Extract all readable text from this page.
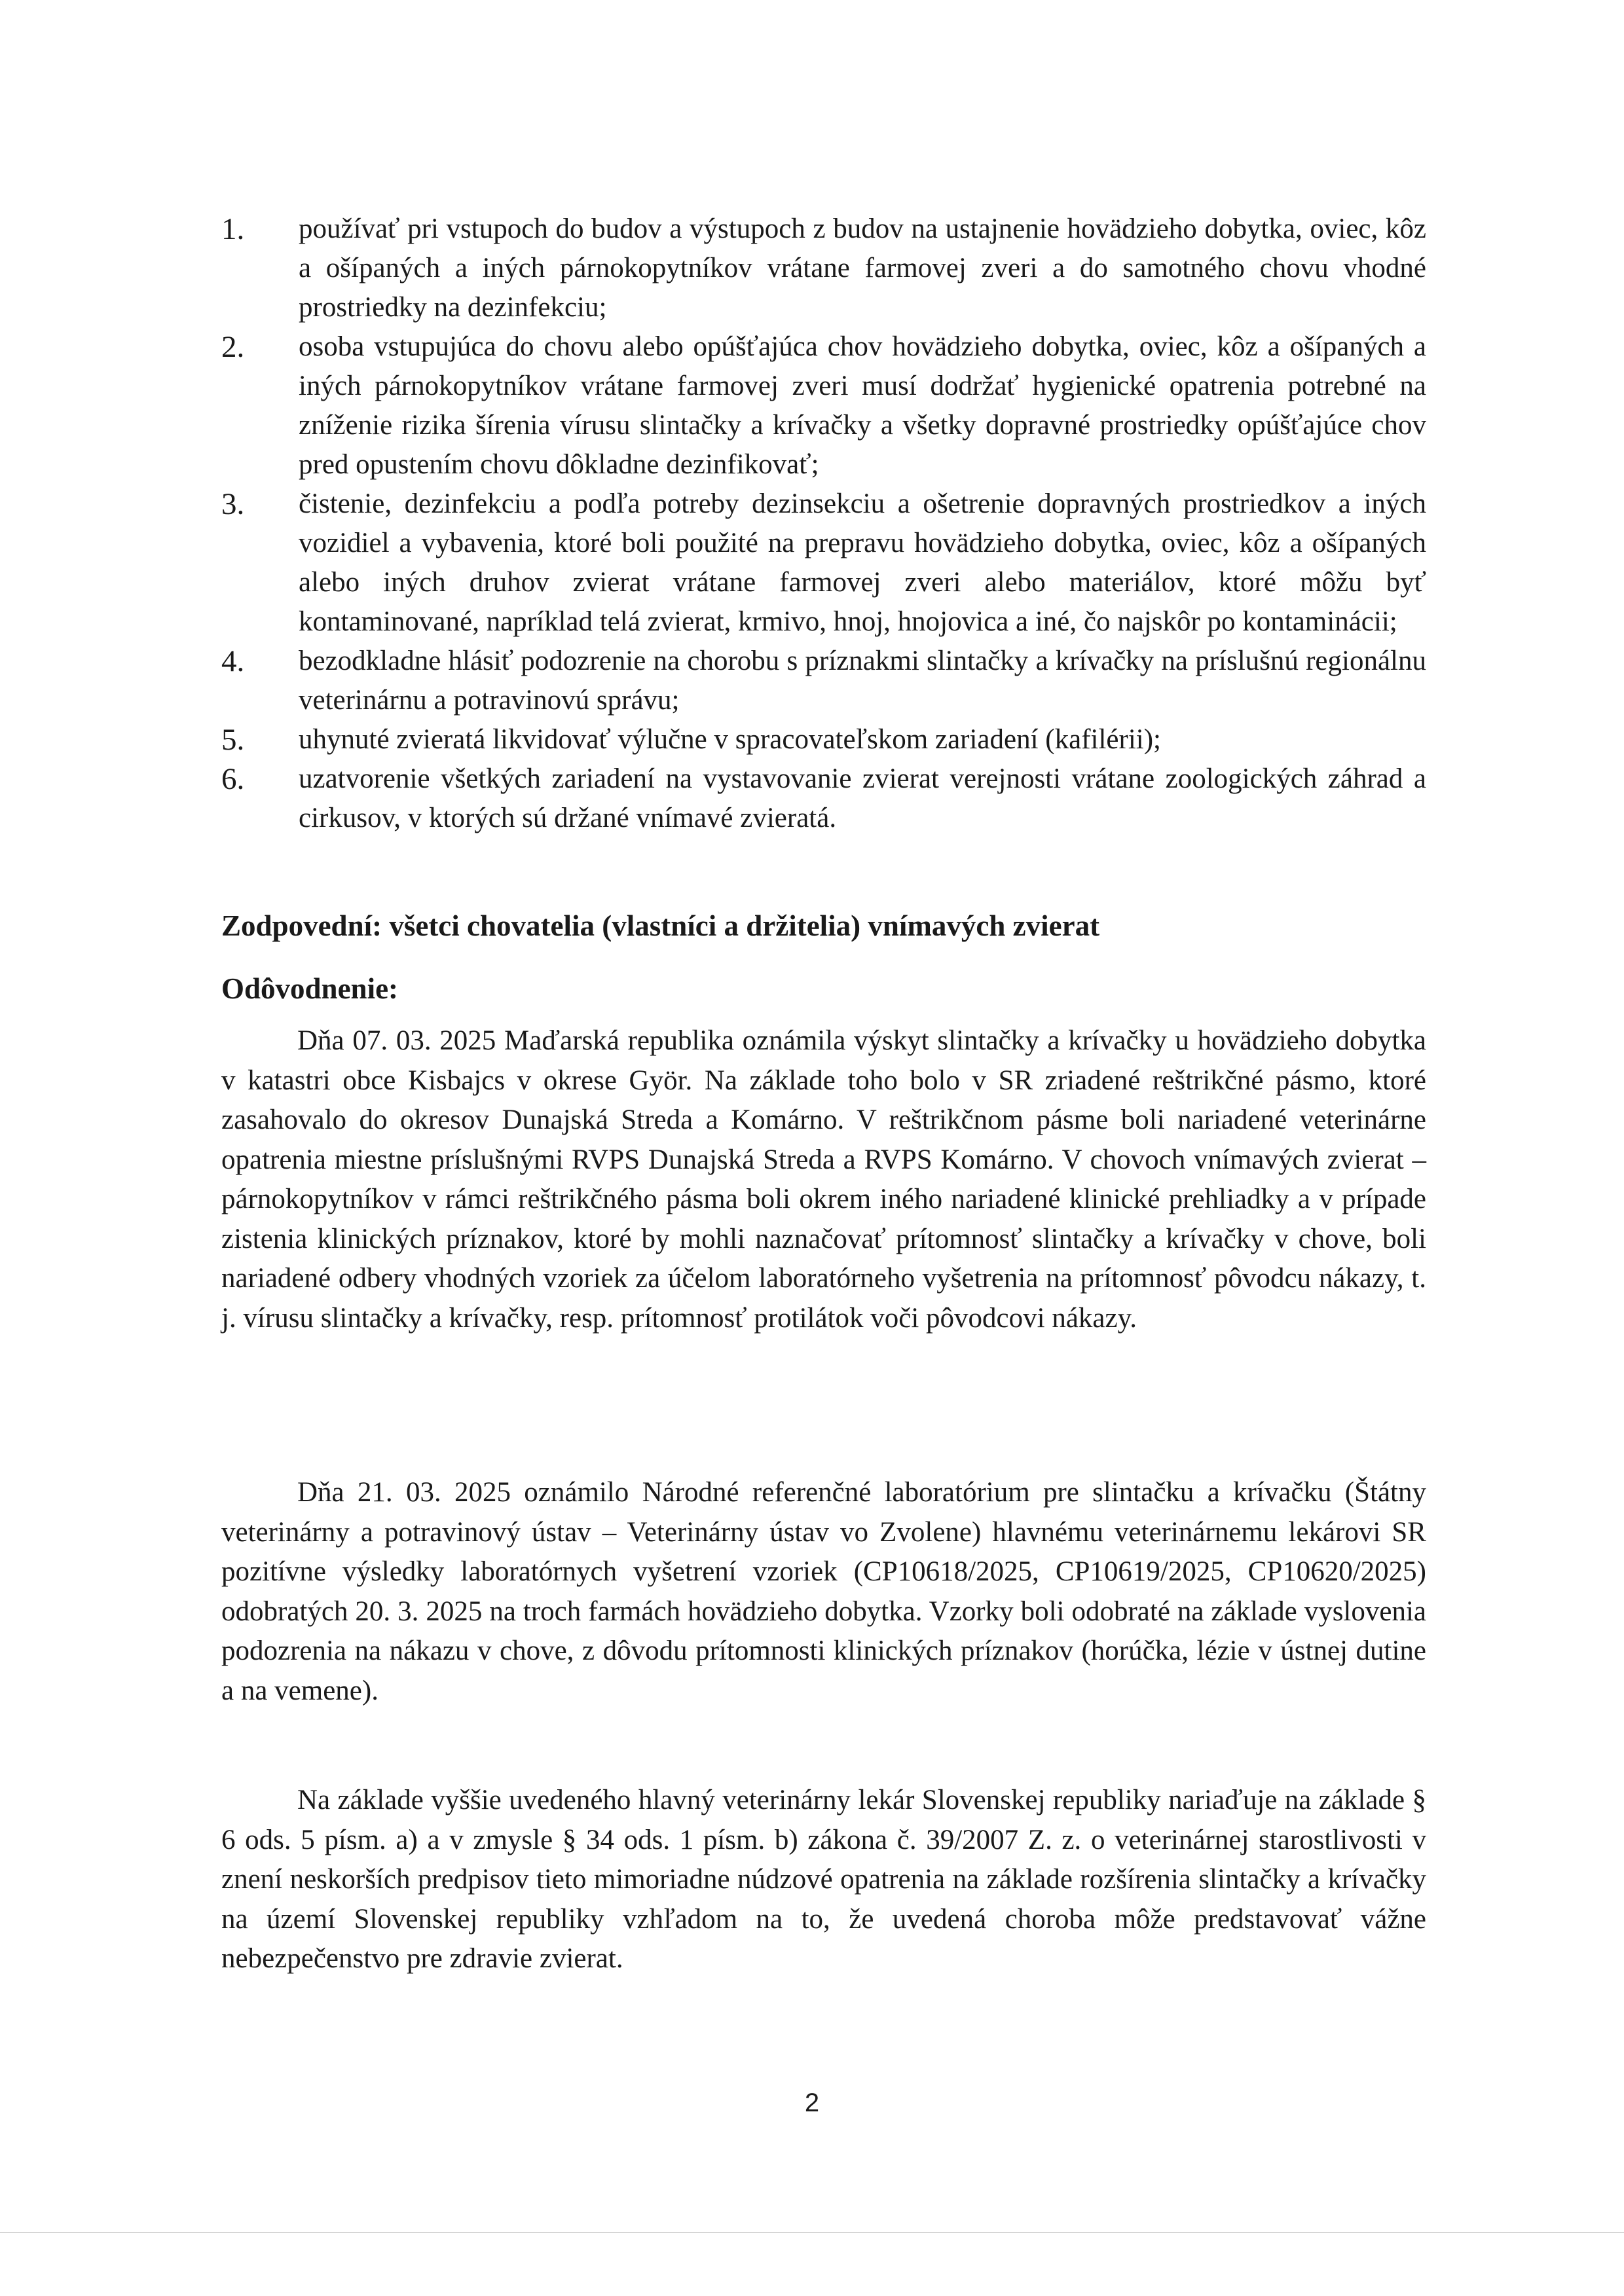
1.	používať pri vstupoch do budov a výstupoch z budov na ustajnenie hovädzieho dobytka, oviec, kôz a ošípaných a iných párnokopytníkov vrátane farmovej zveri a do samotného chovu vhodné prostriedky na dezinfekciu;
2.	osoba vstupujúca do chovu alebo opúšťajúca chov hovädzieho dobytka, oviec, kôz a ošípaných a iných párnokopytníkov vrátane farmovej zveri musí dodržať hygienické opatrenia potrebné na zníženie rizika šírenia vírusu slintačky a krívačky a všetky dopravné prostriedky opúšťajúce chov pred opustením chovu dôkladne dezinfikovať;
3.	čistenie, dezinfekciu a podľa potreby dezinsekciu a ošetrenie dopravných prostriedkov a iných vozidiel a vybavenia, ktoré boli použité na prepravu hovädzieho dobytka, oviec, kôz a ošípaných alebo iných druhov zvierat vrátane farmovej zveri alebo materiálov, ktoré môžu byť kontaminované, napríklad telá zvierat, krmivo, hnoj, hnojovica a iné, čo najskôr po kontaminácii;
4.	bezodkladne hlásiť podozrenie na chorobu s príznakmi slintačky a krívačky na príslušnú regionálnu veterinárnu a potravinovú správu;
5.	uhynuté zvieratá likvidovať výlučne v spracovateľskom zariadení (kafilérii);
6.	uzatvorenie všetkých zariadení na vystavovanie zvierat verejnosti vrátane zoologických záhrad a cirkusov, v ktorých sú držané vnímavé zvieratá.
Zodpovední: všetci chovatelia (vlastníci a držitelia) vnímavých zvierat
Odôvodnenie:

Dňa 07. 03. 2025 Maďarská republika oznámila výskyt slintačky a krívačky u hovädzieho dobytka v katastri obce Kisbajcs v okrese Györ. Na základe toho bolo v SR zriadené reštrikčné pásmo, ktoré zasahovalo do okresov Dunajská Streda a Komárno. V reštrikčnom pásme boli nariadené veterinárne opatrenia miestne príslušnými RVPS Dunajská Streda a RVPS Komárno. V chovoch vnímavých zvierat – párnokopytníkov v rámci reštrikčného pásma boli okrem iného nariadené klinické prehliadky a v prípade zistenia klinických príznakov, ktoré by mohli naznačovať prítomnosť slintačky a krívačky v chove, boli nariadené odbery vhodných vzoriek za účelom laboratórneho vyšetrenia na prítomnosť pôvodcu nákazy, t. j. vírusu slintačky a krívačky, resp. prítomnosť protilátok voči pôvodcovi nákazy.

Dňa 21. 03. 2025 oznámilo Národné referenčné laboratórium pre slintačku a krívačku (Štátny veterinárny a potravinový ústav – Veterinárny ústav vo Zvolene) hlavnému veterinárnemu lekárovi SR pozitívne výsledky laboratórnych vyšetrení vzoriek (CP10618/2025, CP10619/2025, CP10620/2025) odobratých 20. 3. 2025 na troch farmách hovädzieho dobytka. Vzorky boli odobraté na základe vyslovenia podozrenia na nákazu v chove, z dôvodu prítomnosti klinických príznakov (horúčka, lézie v ústnej dutine a na vemene).

Na základe vyššie uvedeného hlavný veterinárny lekár Slovenskej republiky nariaďuje na základe § 6 ods. 5 písm. a) a v zmysle § 34 ods. 1 písm. b) zákona č. 39/2007 Z. z. o veterinárnej starostlivosti v znení neskorších predpisov tieto mimoriadne núdzové opatrenia na základe rozšírenia slintačky a krívačky na území Slovenskej republiky vzhľadom na to, že uvedená choroba môže predstavovať vážne nebezpečenstvo pre zdravie zvierat.

2
